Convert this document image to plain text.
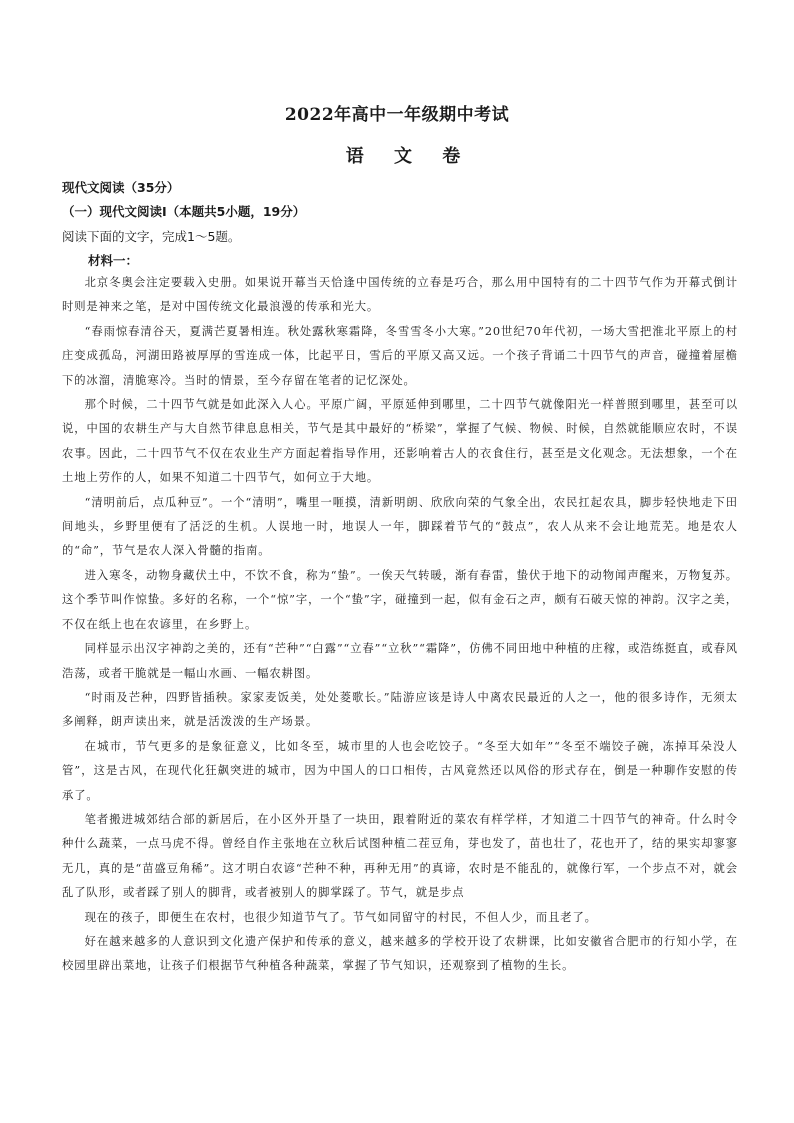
2022年高中一年级期中考试
语 文 卷
现代文阅读（35分）
（一）现代文阅读Ⅰ（本题共5小题，19分）
阅读下面的文字，完成1～5题。
材料一：

北京冬奥会注定要载入史册。如果说开幕当天恰逢中国传统的立春是巧合，那么用中国特有的二十四节气作为开幕式倒计时则是神来之笔，是对中国传统文化最浪漫的传承和光大。

“春雨惊春清谷天，夏满芒夏暑相连。秋处露秋寒霜降，冬雪雪冬小大寒。”20世纪70年代初，一场大雪把淮北平原上的村庄变成孤岛，河湖田路被厚厚的雪连成一体，比起平日，雪后的平原又高又远。一个孩子背诵二十四节气的声音，碰撞着屋檐下的冰溜，清脆寒冷。当时的情景，至今存留在笔者的记忆深处。

那个时候，二十四节气就是如此深入人心。平原广阔，平原延伸到哪里，二十四节气就像阳光一样普照到哪里，甚至可以说，中国的农耕生产与大自然节律息息相关，节气是其中最好的“桥梁”，掌握了气候、物候、时候，自然就能顺应农时，不误农事。因此，二十四节气不仅在农业生产方面起着指导作用，还影响着古人的衣食住行，甚至是文化观念。无法想象，一个在土地上劳作的人，如果不知道二十四节气，如何立于大地。

“清明前后，点瓜种豆”。一个“清明”，嘴里一咂摸，清新明朗、欣欣向荣的气象全出，农民扛起农具，脚步轻快地走下田间地头，乡野里便有了活泛的生机。人误地一时，地误人一年，脚踩着节气的“鼓点”，农人从来不会让地荒芜。地是农人的“命”，节气是农人深入骨髓的指南。

进入寒冬，动物身藏伏土中，不饮不食，称为“蛰”。一俟天气转暖，渐有春雷，蛰伏于地下的动物闻声醒来，万物复苏。这个季节叫作惊蛰。多好的名称，一个“惊”字，一个“蛰”字，碰撞到一起，似有金石之声，颇有石破天惊的神韵。汉字之美，不仅在纸上也在农谚里，在乡野上。

同样显示出汉字神韵之美的，还有“芒种”“白露”“立春”“立秋”“霜降”，仿佛不同田地中种植的庄稼，或浩练挺直，或春风浩荡，或者干脆就是一幅山水画、一幅农耕图。

“时雨及芒种，四野皆插秧。家家麦饭美，处处菱歌长。”陆游应该是诗人中离农民最近的人之一，他的很多诗作，无须太多阐释，朗声读出来，就是活泼泼的生产场景。

在城市，节气更多的是象征意义，比如冬至，城市里的人也会吃饺子。“冬至大如年”“冬至不端饺子碗，冻掉耳朵没人管”，这是古风，在现代化狂飙突进的城市，因为中国人的口口相传，古风竟然还以风俗的形式存在，倒是一种聊作安慰的传承了。

笔者搬进城郊结合部的新居后，在小区外开垦了一块田，跟着附近的菜农有样学样，才知道二十四节气的神奇。什么时令种什么蔬菜，一点马虎不得。曾经自作主张地在立秋后试图种植二茬豆角，芽也发了，苗也壮了，花也开了，结的果实却寥寥无几，真的是“苗盛豆角稀”。这才明白农谚“芒种不种，再种无用”的真谛，农时是不能乱的，就像行军，一个步点不对，就会乱了队形，或者踩了别人的脚背，或者被别人的脚掌踩了。节气，就是步点

现在的孩子，即便生在农村，也很少知道节气了。节气如同留守的村民，不但人少，而且老了。

好在越来越多的人意识到文化遗产保护和传承的意义，越来越多的学校开设了农耕课，比如安徽省合肥市的行知小学，在校园里辟出菜地，让孩子们根据节气种植各种蔬菜，掌握了节气知识，还观察到了植物的生长。
